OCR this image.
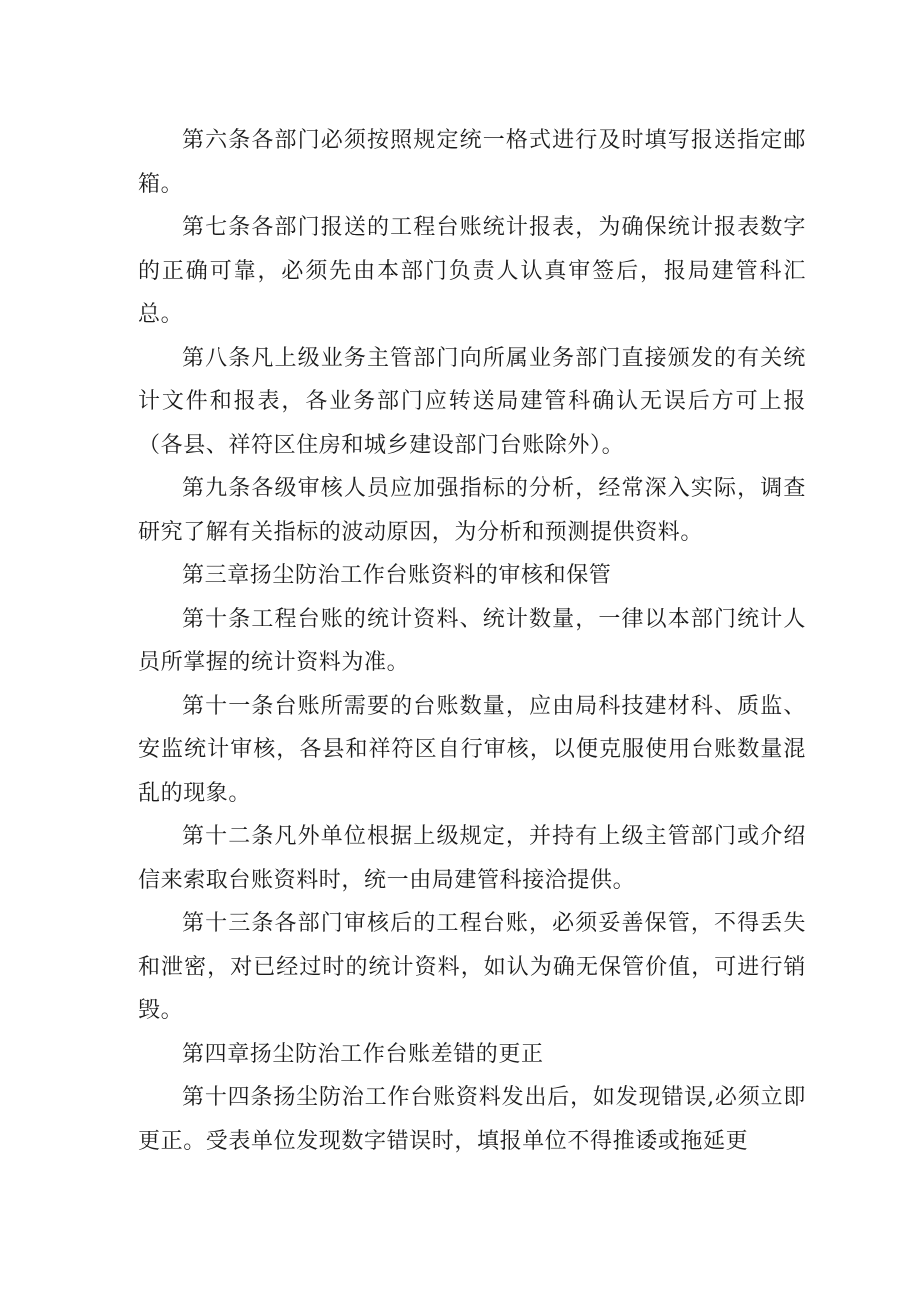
第六条各部门必须按照规定统一格式进行及时填写报送指定邮箱。

第七条各部门报送的工程台账统计报表，为确保统计报表数字的正确可靠，必须先由本部门负责人认真审签后，报局建管科汇总。

第八条凡上级业务主管部门向所属业务部门直接颁发的有关统计文件和报表，各业务部门应转送局建管科确认无误后方可上报（各县、祥符区住房和城乡建设部门台账除外）。

第九条各级审核人员应加强指标的分析，经常深入实际，调查研究了解有关指标的波动原因，为分析和预测提供资料。

第三章扬尘防治工作台账资料的审核和保管

第十条工程台账的统计资料、统计数量，一律以本部门统计人员所掌握的统计资料为准。

第十一条台账所需要的台账数量，应由局科技建材科、质监、安监统计审核，各县和祥符区自行审核，以便克服使用台账数量混乱的现象。

第十二条凡外单位根据上级规定，并持有上级主管部门或介绍信来索取台账资料时，统一由局建管科接洽提供。

第十三条各部门审核后的工程台账，必须妥善保管，不得丢失和泄密，对已经过时的统计资料，如认为确无保管价值，可进行销毁。

第四章扬尘防治工作台账差错的更正

第十四条扬尘防治工作台账资料发出后，如发现错误,必须立即更正。受表单位发现数字错误时，填报单位不得推诿或拖延更
